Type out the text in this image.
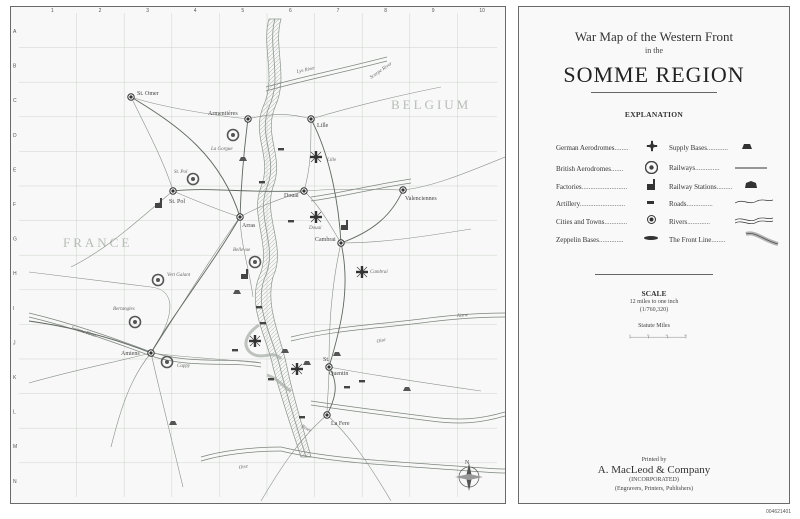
1	2	3	4	5	6	7	8	9	10
A
B
C
D
E
F
G
H
I
J
K
L
M
N
BELGIUM
FRANCE
St. Omer
Armentières
Lille
St. Pol
Arras
Douai	Valenciennes
Cambrai
Amiens
St.
Quentin
La Fere
La Gorgue
St. Pol
Lille
Douai
Bellevue
Vert Galant
Bertangles
Cappy
Cambrai
Lys River	Scarpe River
Somme River
Oise
Oise
River
Aisne
N
War Map of the Western Front
in the
SOMME REGION
EXPLANATION
German Aerodromes........
British Aerodromes.......
Factories..........................
Artillery..........................
Cities and Towns.............
Zeppelin Bases..............
Supply Bases............
Railways..............
Railway Stations.........
Roads...............
Rivers.............
The Front Line........
SCALE
12 miles to one inch
(1/760,320)
Statute Miles
0	12	24	36
Printed by
A. MacLeod & Company
(INCORPORATED)
(Engravers, Printers, Publishers)
004621401
